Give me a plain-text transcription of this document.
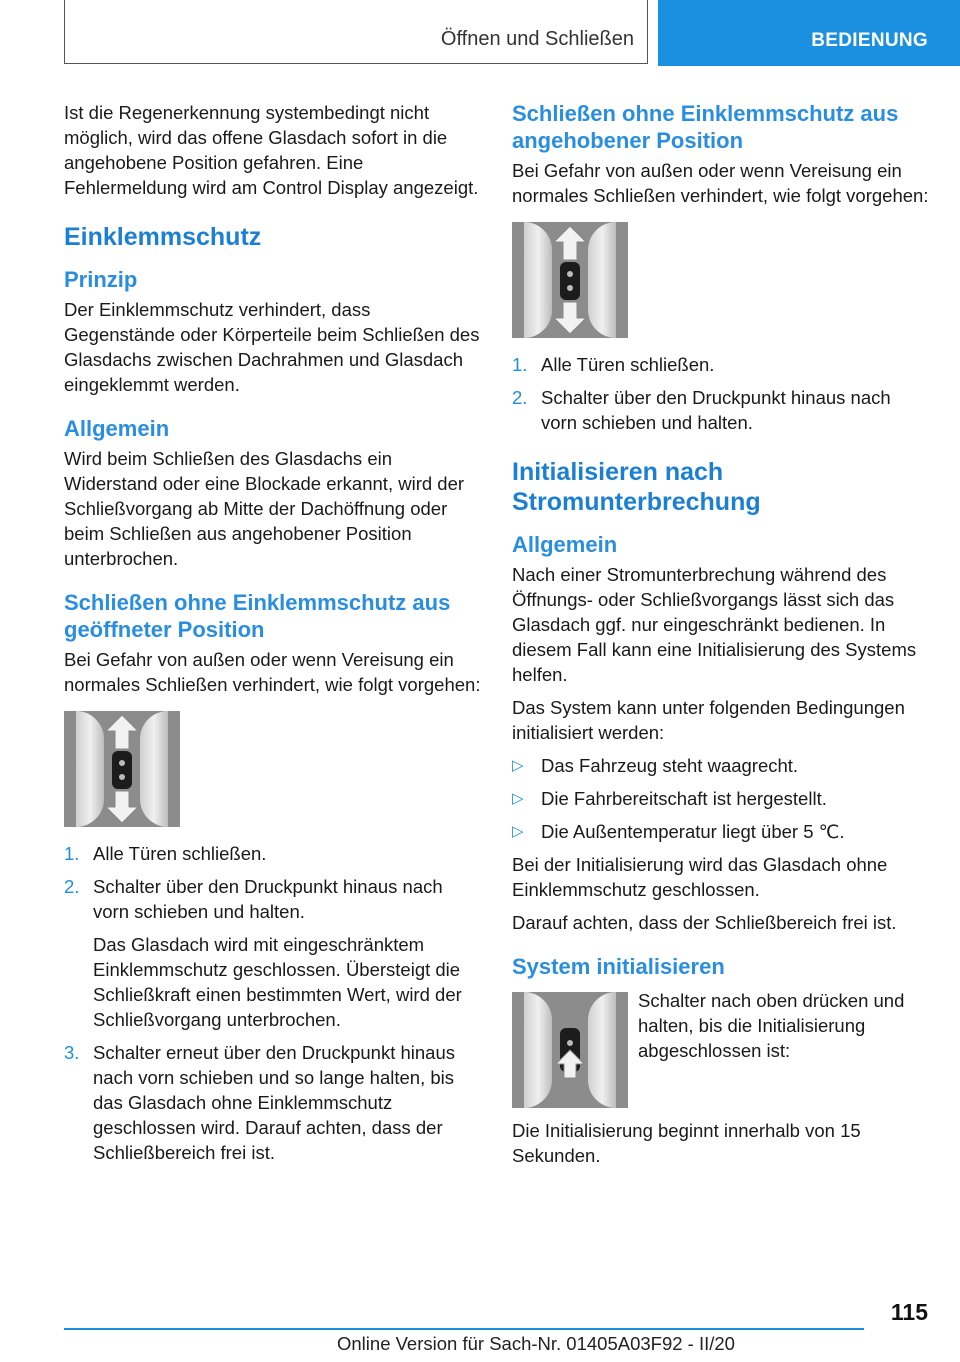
Öffnen und Schließen	BEDIENUNG

Ist die Regenerkennung systembedingt nicht möglich, wird das offene Glasdach sofort in die angehobene Position gefahren. Eine Fehlermeldung wird am Control Display angezeigt.

Einklemmschutz
Prinzip

Der Einklemmschutz verhindert, dass Gegenstände oder Körperteile beim Schließen des Glasdachs zwischen Dachrahmen und Glasdach eingeklemmt werden.

Allgemein

Wird beim Schließen des Glasdachs ein Widerstand oder eine Blockade erkannt, wird der Schließvorgang ab Mitte der Dachöffnung oder beim Schließen aus angehobener Position unterbrochen.

Schließen ohne Einklemmschutz aus geöffneter Position

Bei Gefahr von außen oder wenn Vereisung ein normales Schließen verhindert, wie folgt vorgehen:

1. Alle Türen schließen.
2. Schalter über den Druckpunkt hinaus nach vorn schieben und halten.
Das Glasdach wird mit eingeschränktem Einklemmschutz geschlossen. Übersteigt die Schließkraft einen bestimmten Wert, wird der Schließvorgang unterbrochen.
3. Schalter erneut über den Druckpunkt hinaus nach vorn schieben und so lange halten, bis das Glasdach ohne Einklemmschutz geschlossen wird. Darauf achten, dass der Schließbereich frei ist.
Schließen ohne Einklemmschutz aus angehobener Position

Bei Gefahr von außen oder wenn Vereisung ein normales Schließen verhindert, wie folgt vorgehen:

1. Alle Türen schließen.
2. Schalter über den Druckpunkt hinaus nach vorn schieben und halten.
Initialisieren nach Stromunterbrechung
Allgemein

Nach einer Stromunterbrechung während des Öffnungs- oder Schließvorgangs lässt sich das Glasdach ggf. nur eingeschränkt bedienen. In diesem Fall kann eine Initialisierung des Systems helfen.

Das System kann unter folgenden Bedingungen initialisiert werden:

▷ Das Fahrzeug steht waagrecht.
▷ Die Fahrbereitschaft ist hergestellt.
▷ Die Außentemperatur liegt über 5 ℃.

Bei der Initialisierung wird das Glasdach ohne Einklemmschutz geschlossen.

Darauf achten, dass der Schließbereich frei ist.

System initialisieren

Schalter nach oben drücken und halten, bis die Initialisierung abgeschlossen ist:

Die Initialisierung beginnt innerhalb von 15 Sekunden.

115
Online Version für Sach-Nr. 01405A03F92 - II/20
